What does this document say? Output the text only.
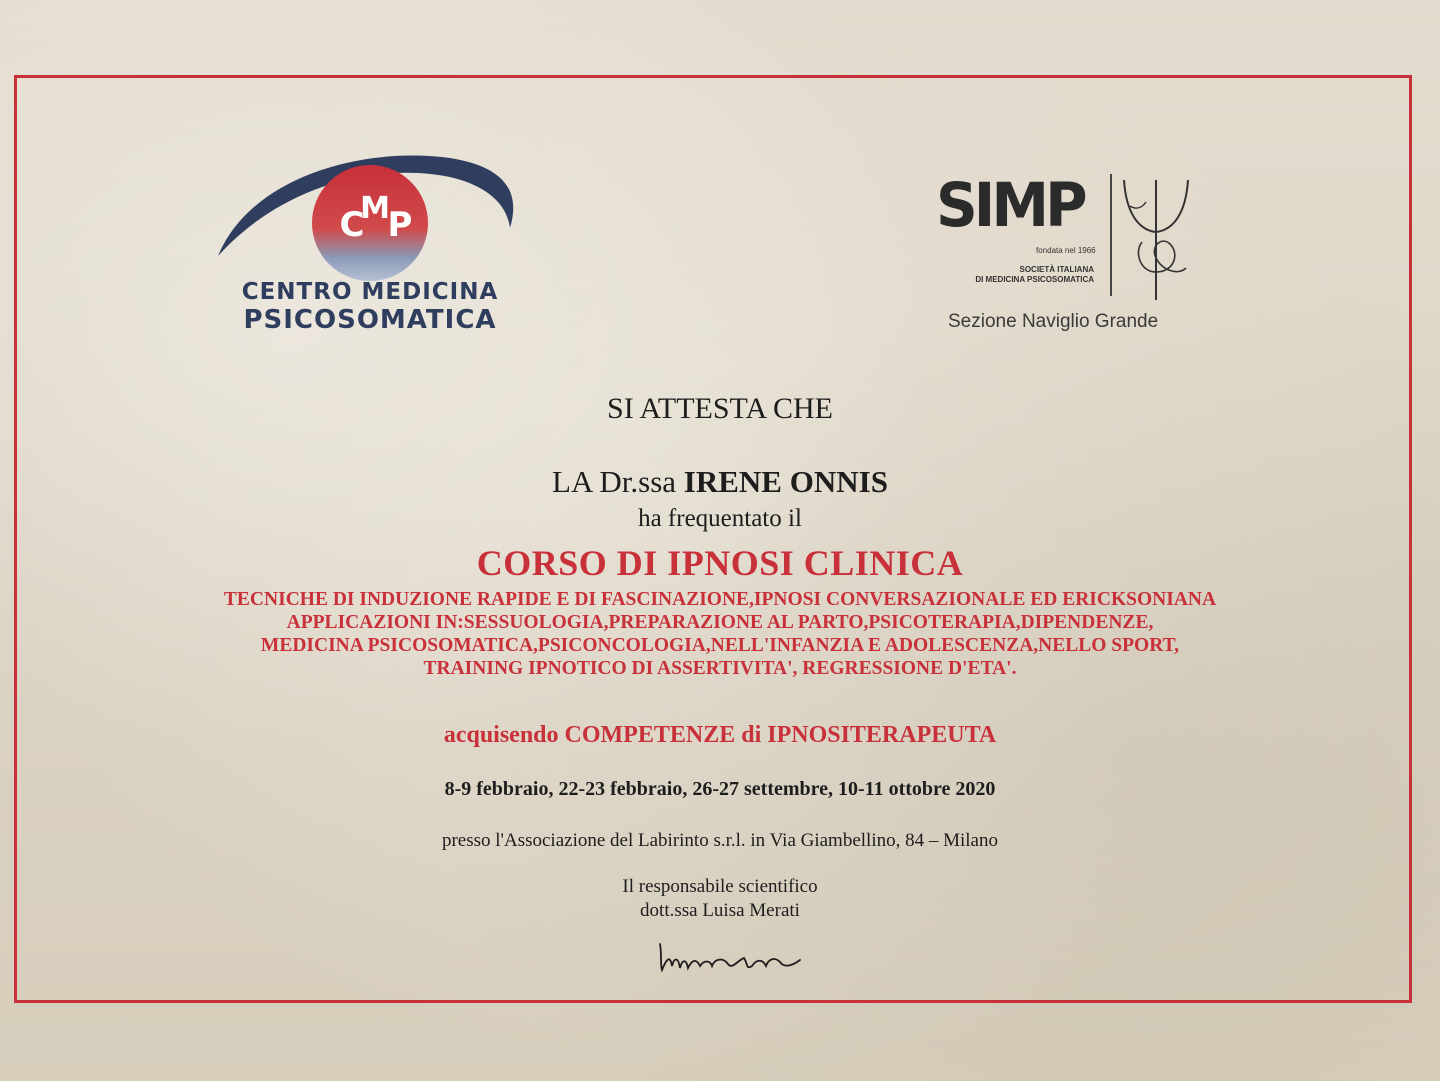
C
M
P
CENTRO MEDICINA
PSICOSOMATICA
SIMP
fondata nel 1966
SOCIETÀ ITALIANA
DI MEDICINA PSICOSOMATICA
Sezione Naviglio Grande
SI ATTESTA CHE
LA Dr.ssa IRENE ONNIS
ha frequentato il
CORSO DI IPNOSI CLINICA
TECNICHE DI INDUZIONE RAPIDE E DI FASCINAZIONE,IPNOSI CONVERSAZIONALE ED ERICKSONIANA
APPLICAZIONI IN:SESSUOLOGIA,PREPARAZIONE AL PARTO,PSICOTERAPIA,DIPENDENZE,
MEDICINA PSICOSOMATICA,PSICONCOLOGIA,NELL'INFANZIA E ADOLESCENZA,NELLO SPORT,
TRAINING IPNOTICO DI ASSERTIVITA', REGRESSIONE D'ETA'.
acquisendo COMPETENZE di IPNOSITERAPEUTA
8-9 febbraio, 22-23 febbraio, 26-27 settembre, 10-11 ottobre 2020
presso l'Associazione del Labirinto s.r.l. in Via Giambellino, 84 – Milano
Il responsabile scientifico
dott.ssa Luisa Merati
